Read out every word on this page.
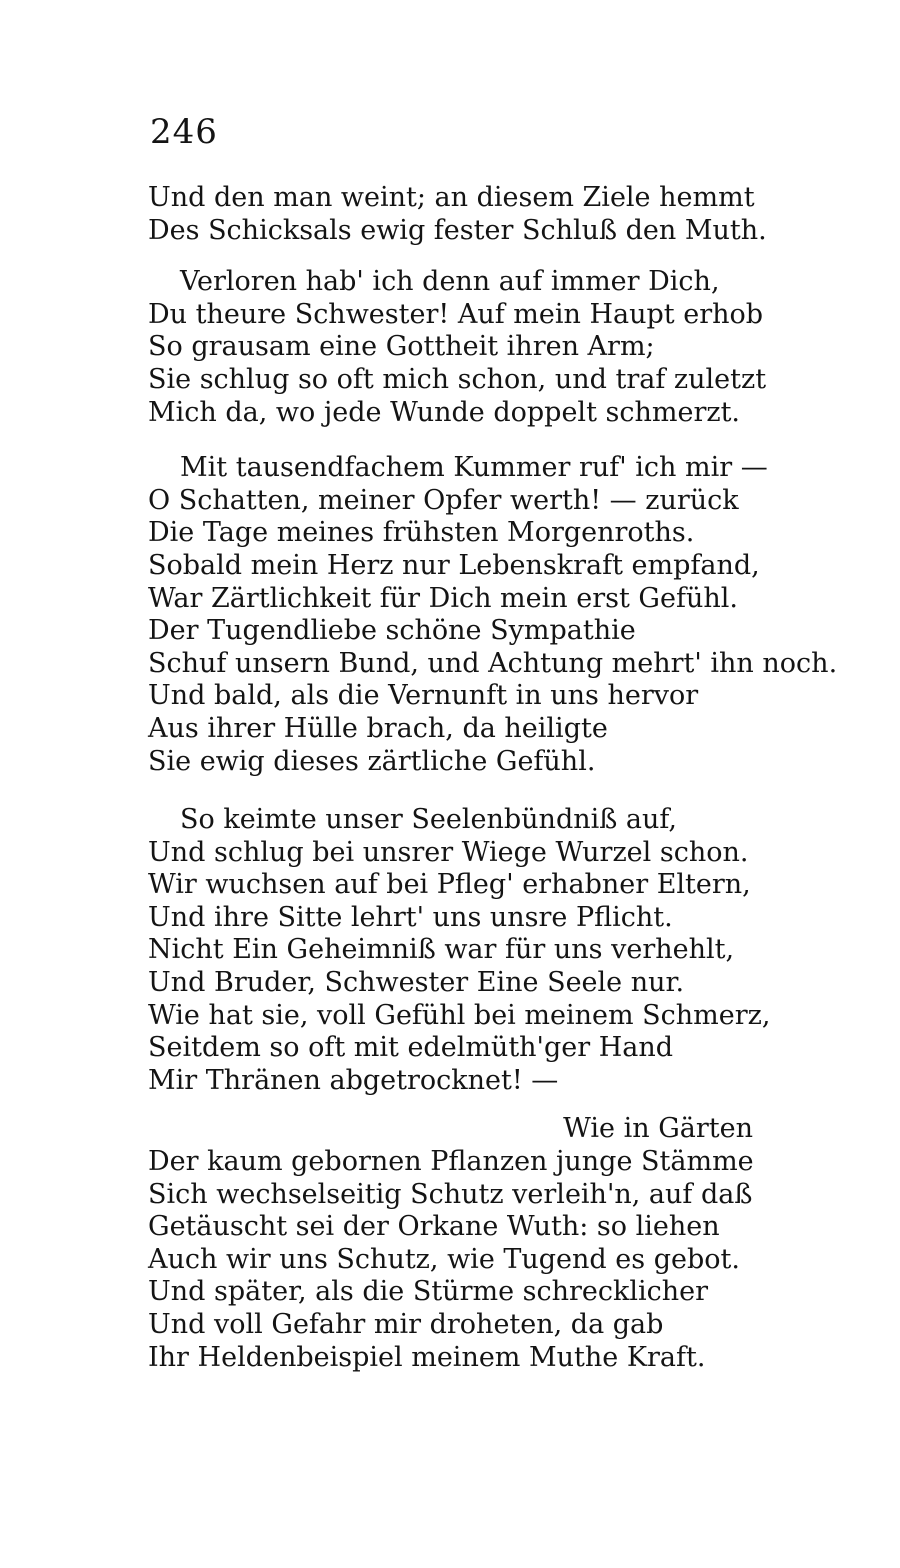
246
Und den man weint; an diesem Ziele hemmt
Des Schicksals ewig fester Schluß den Muth.
Verloren hab' ich denn auf immer Dich,
Du theure Schwester! Auf mein Haupt erhob
So grausam eine Gottheit ihren Arm;
Sie schlug so oft mich schon, und traf zuletzt
Mich da, wo jede Wunde doppelt schmerzt.
Mit tausendfachem Kummer ruf' ich mir —
O Schatten, meiner Opfer werth! — zurück
Die Tage meines frühsten Morgenroths.
Sobald mein Herz nur Lebenskraft empfand,
War Zärtlichkeit für Dich mein erst Gefühl.
Der Tugendliebe schöne Sympathie
Schuf unsern Bund, und Achtung mehrt' ihn noch.
Und bald, als die Vernunft in uns hervor
Aus ihrer Hülle brach, da heiligte
Sie ewig dieses zärtliche Gefühl.
So keimte unser Seelenbündniß auf,
Und schlug bei unsrer Wiege Wurzel schon.
Wir wuchsen auf bei Pfleg' erhabner Eltern,
Und ihre Sitte lehrt' uns unsre Pflicht.
Nicht Ein Geheimniß war für uns verhehlt,
Und Bruder, Schwester Eine Seele nur.
Wie hat sie, voll Gefühl bei meinem Schmerz,
Seitdem so oft mit edelmüth'ger Hand
Mir Thränen abgetrocknet! —
Wie in Gärten
Der kaum gebornen Pflanzen junge Stämme
Sich wechselseitig Schutz verleih'n, auf daß
Getäuscht sei der Orkane Wuth: so liehen
Auch wir uns Schutz, wie Tugend es gebot.
Und später, als die Stürme schrecklicher
Und voll Gefahr mir droheten, da gab
Ihr Heldenbeispiel meinem Muthe Kraft.
